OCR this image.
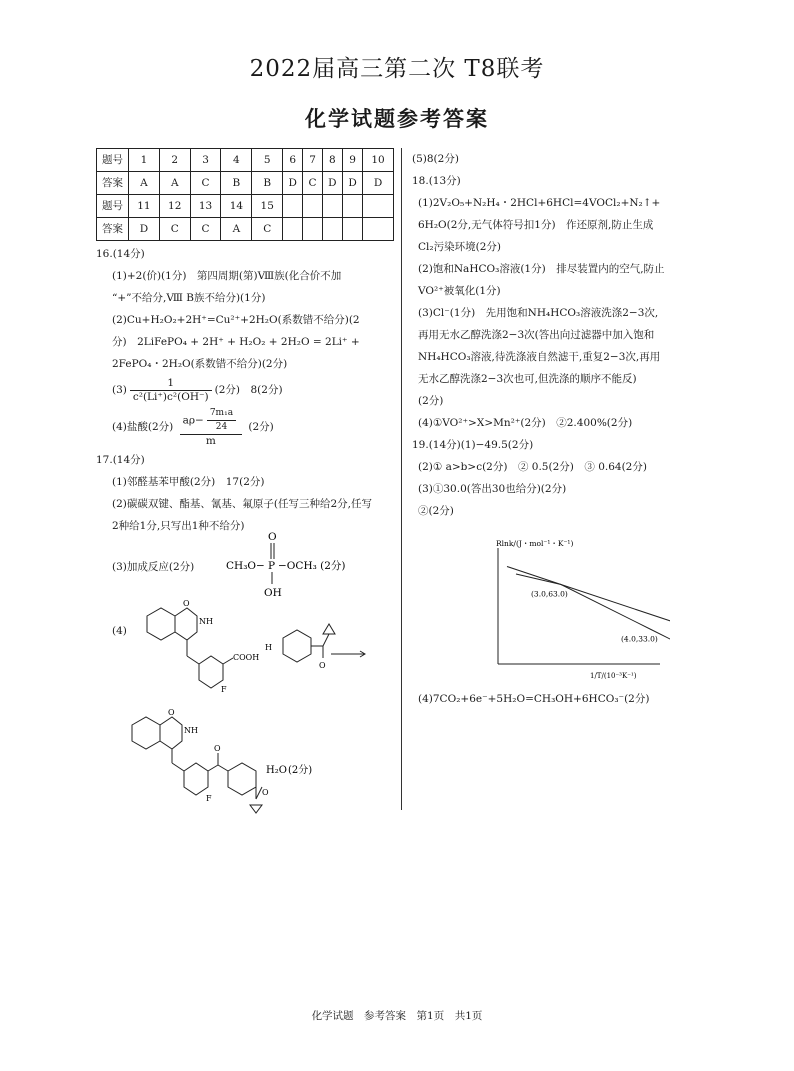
2022届高三第二次 T8联考
化学试题参考答案
题号	1	2	3	4	5	6	7	8	9	10
答案	A	A	C	B	B	D	C	D	D	D
题号	11	12	13	14	15					
答案	D	C	C	A	C					
16.(14分)
(1)+2(价)(1分)　第四周期(第)Ⅷ族(化合价不加
“+”不给分,Ⅷ B族不给分)(1分)
(2)Cu+H₂O₂+2H⁺=Cu²⁺+2H₂O(系数错不给分)(2
分)　2LiFePO₄ + 2H⁺ + H₂O₂ + 2H₂O = 2Li⁺ +
2FePO₄・2H₂O(系数错不给分)(2分)
$(3) \frac{1}{\text{c²(Li⁺)c²(OH⁻)}} (2$分)　8(2分)
(4)盐酸(2分) $\frac{a\rho- \frac{\text{7m₁a}}{24}}{m} (2$分)
17.(14分)
(1)邻醛基苯甲酸(2分)　17(2分)
(2)碳碳双键、酯基、氰基、氟原子(任写三种给2分,任写
2种给1分,只写出1种不给分)
(3)加成反应(2分)	CH₃O− P −OCH₃ (2分)
O
OH
(4)
O
NH
COOH
F
H
O
O
NH
O
F
O
H₂O (2分)
(5)8(2分)
18.(13分)
(1)2V₂O₅+N₂H₄・2HCl+6HCl=4VOCl₂+N₂↑+
6H₂O(2分,无气体符号扣1分)　作还原剂,防止生成
Cl₂污染环境(2分)
(2)饱和NaHCO₃溶液(1分)　排尽装置内的空气,防止
VO²⁺被氧化(1分)
(3)Cl⁻(1分)　先用饱和NH₄HCO₃溶液洗涤2−3次,
再用无水乙醇洗涤2−3次(答出向过滤器中加入饱和
NH₄HCO₃溶液,待洗涤液自然滤干,重复2−3次,再用
无水乙醇洗涤2−3次也可,但洗涤的顺序不能反)
(2分)
(4)①VO²⁺>X>Mn²⁺(2分)　②2.400%(2分)
19.(14分)(1)−49.5(2分)
(2)① a>b>c(2分)　② 0.5(2分)　③ 0.64(2分)
(3)①30.0(答出30也给分)(2分)
②(2分)
Rlnk/(J・mol⁻¹・K⁻¹)
1/T/(10⁻³K⁻¹)
(3.0,63.0)
(4.0,33.0)
(4)7CO₂+6e⁻+5H₂O=CH₃OH+6HCO₃⁻(2分)
化学试题　参考答案　第1页　共1页
